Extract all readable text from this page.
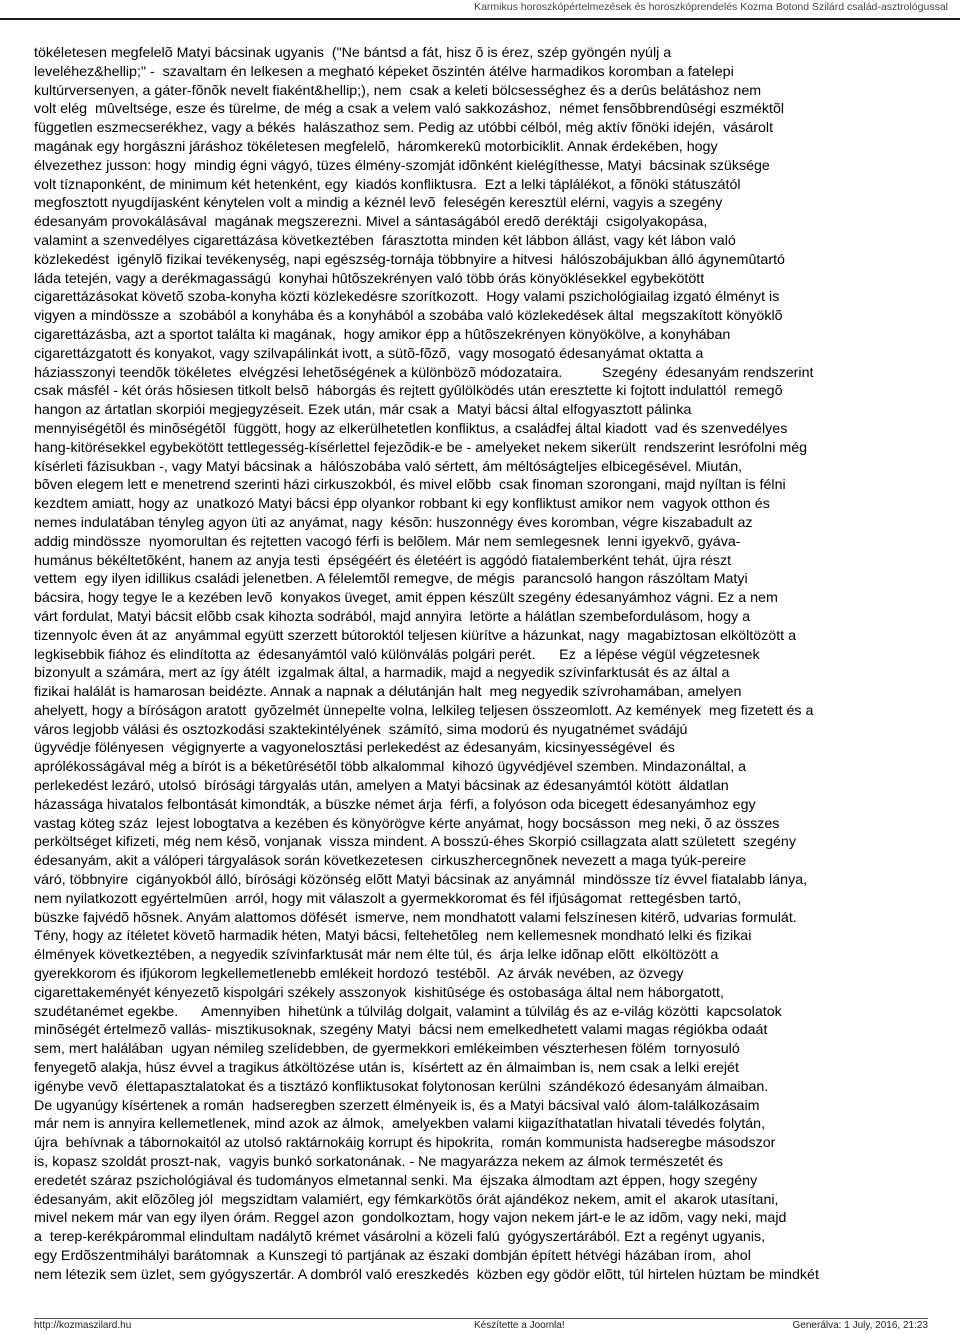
Karmikus horoszkópértelmezések és horoszkóprendelés Kozma Botond Szilárd család-asztrológussal

tökéletesen megfelelõ Matyi bácsinak ugyanis  ("Ne bántsd a fát, hisz õ is érez, szép gyöngén nyúlj a
leveléhez&hellip;" -  szavaltam én lelkesen a megható képeket õszintén átélve harmadikos koromban a fatelepi
kultúrversenyen, a gáter-fõnõk nevelt fiaként&hellip;), nem  csak a keleti bölcsességhez és a derûs belátáshoz nem
volt elég  mûveltsége, esze és türelme, de még a csak a velem való sakkozáshoz,  német fensõbbrendûségi eszméktõl
független eszmecserékhez, vagy a békés  halászathoz sem. Pedig az utóbbi célból, még aktív fõnöki idején,  vásárolt
magának egy horgászni járáshoz tökéletesen megfelelõ,  háromkerekû motorbiciklit. Annak érdekében, hogy
élvezethez jusson: hogy  mindig égni vágyó, tüzes élmény-szomját idõnként kielégíthesse, Matyi  bácsinak szüksége
volt tíznaponként, de minimum két hetenként, egy  kiadós konfliktusra.  Ezt a lelki táplálékot, a fõnöki státuszától
megfosztott nyugdíjasként kénytelen volt a mindig a kéznél levõ  feleségén keresztül elérni, vagyis a szegény
édesanyám provokálásával  magának megszerezni. Mivel a sántaságából eredõ deréktáji  csigolyakopása,
valamint a szenvedélyes cigarettázása következtében  fárasztotta minden két lábbon állást, vagy két lábon való
közlekedést  igénylõ fizikai tevékenység, napi egészség-tornája többnyire a hitvesi  hálószobájukban álló ágynemûtartó
láda tetején, vagy a derékmagasságú  konyhai hûtõszekrényen való több órás könyöklésekkel egybekötött
cigarettázásokat követõ szoba-konyha közti közlekedésre szorítkozott.  Hogy valami pszichológiailag izgató élményt is
vigyen a mindössze a  szobából a konyhába és a konyhából a szobába való közlekedések által  megszakított könyöklõ
cigarettázásba, azt a sportot találta ki magának,  hogy amikor épp a hûtõszekrényen könyökölve, a konyhában
cigarettázgatott és konyakot, vagy szilvapálinkát ivott, a sütõ-fõzõ,  vagy mosogató édesanyámat oktatta a
háziasszonyi teendõk tökéletes  elvégzési lehetõségének a különbözõ módozataira.          Szegény  édesanyám rendszerint
csak másfél - két órás hõsiesen titkolt belsõ  háborgás és rejtett gyûlölködés után eresztette ki fojtott indulattól  remegõ
hangon az ártatlan skorpiói megjegyzéseit. Ezek után, már csak a  Matyi bácsi által elfogyasztott pálinka
mennyiségétõl és minõségétõl  függött, hogy az elkerülhetetlen konfliktus, a családfej által kiadott  vad és szenvedélyes
hang-kitörésekkel egybekötött tettlegesség-kísérlettel fejezõdik-e be - amelyeket nekem sikerült  rendszerint lesrófolni még
kísérleti fázisukban -, vagy Matyi bácsinak a  hálószobába való sértett, ám méltóságteljes elbicegésével. Miután,
bõven elegem lett e menetrend szerinti házi cirkuszokból, és mivel elõbb  csak finoman szorongani, majd nyíltan is félni
kezdtem amiatt, hogy az  unatkozó Matyi bácsi épp olyankor robbant ki egy konfliktust amikor nem  vagyok otthon és
nemes indulatában tényleg agyon üti az anyámat, nagy  késõn: huszonnégy éves koromban, végre kiszabadult az
addig mindössze  nyomorultan és rejtetten vacogó férfi is belõlem. Már nem semlegesnek  lenni igyekvõ, gyáva-
humánus békéltetõként, hanem az anyja testi  épségéért és életéért is aggódó fiatalemberként tehát, újra részt
vettem  egy ilyen idillikus családi jelenetben. A félelemtõl remegve, de mégis  parancsoló hangon rászóltam Matyi
bácsira, hogy tegye le a kezében levõ  konyakos üveget, amit éppen készült szegény édesanyámhoz vágni. Ez a nem
várt fordulat, Matyi bácsit elõbb csak kihozta sodrából, majd annyira  letörte a hálátlan szembefordulásom, hogy a
tizennyolc éven át az  anyámmal együtt szerzett bútoroktól teljesen kiürítve a házunkat, nagy  magabiztosan elköltözött a
legkisebbik fiához és elindította az  édesanyámtól való különválás polgári perét.      Ez  a lépése végül végzetesnek
bizonyult a számára, mert az így átélt  izgalmak által, a harmadik, majd a negyedik szívinfarktusát és az által a
fizikai halálát is hamarosan beidézte. Annak a napnak a délutánján halt  meg negyedik szívrohamában, amelyen
ahelyett, hogy a bíróságon aratott  gyõzelmét ünnepelte volna, lelkileg teljesen összeomlott. Az kemények  meg fizetett és a
város legjobb válási és osztozkodási szaktekintélyének  számító, sima modorú és nyugatnémet svádájú
ügyvédje fölényesen  végignyerte a vagyonelosztási perlekedést az édesanyám, kicsinyességével  és
aprólékosságával még a bírót is a béketûrésétõl több alkalommal  kihozó ügyvédjével szemben. Mindazonáltal, a
perlekedést lezáró, utolsó  bírósági tárgyalás után, amelyen a Matyi bácsinak az édesanyámtól kötött  áldatlan
házassága hivatalos felbontását kimondták, a büszke német árja  férfi, a folyóson oda bicegett édesanyámhoz egy
vastag köteg száz  lejest lobogtatva a kezében és könyörögve kérte anyámat, hogy bocsásson  meg neki, õ az összes
perköltséget kifizeti, még nem késõ, vonjanak  vissza mindent. A bosszú-éhes Skorpió csillagzata alatt született  szegény
édesanyám, akit a válóperi tárgyalások során következetesen  cirkuszhercegnõnek nevezett a maga tyúk-pereire
váró, többnyire  cigányokból álló, bírósági közönség elõtt Matyi bácsinak az anyámnál  mindössze tíz évvel fiatalabb lánya,
nem nyilatkozott egyértelmûen  arról, hogy mit válaszolt a gyermekkoromat és fél ifjúságomat  rettegésben tartó,
büszke fajvédõ hõsnek. Anyám alattomos döfését  ismerve, nem mondhatott valami felszínesen kitérõ, udvarias formulát.
Tény, hogy az ítéletet követõ harmadik héten, Matyi bácsi, feltehetõleg  nem kellemesnek mondható lelki és fizikai
élmények következtében, a negyedik szívinfarktusát már nem élte túl, és  árja lelke idõnap elõtt  elköltözött a
gyerekkorom és ifjúkorom legkellemetlenebb emlékeit hordozó  testébõl.  Az árvák nevében, az özvegy
cigarettakeményét kényezetõ kispolgári székely asszonyok  kishitûsége és ostobasága által nem háborgatott,
szudétanémet egekbe.      Amennyiben  hihetünk a túlvilág dolgait, valamint a túlvilág és az e-világ közötti  kapcsolatok
minõségét értelmezõ vallás- misztikusoknak, szegény Matyi  bácsi nem emelkedhetett valami magas régiókba odaát
sem, mert halálában  ugyan némileg szelídebben, de gyermekkori emlékeimben vészterhesen fölém  tornyosuló
fenyegetõ alakja, húsz évvel a tragikus átköltözése után is,  kísértett az én álmaimban is, nem csak a lelki erejét
igénybe vevõ  élettapasztalatokat és a tisztázó konfliktusokat folytonosan kerülni  szándékozó édesanyám álmaiban.
De ugyanúgy kísértenek a román  hadseregben szerzett élményeik is, és a Matyi bácsival való  álom-találkozásaim
már nem is annyira kellemetlenek, mind azok az álmok,  amelyekben valami kiigazíthatatlan hivatali tévedés folytán,
újra  behívnak a tábornokaitól az utolsó raktárnokáig korrupt és hipokrita,  román kommunista hadseregbe másodszor
is, kopasz szoldát proszt-nak,  vagyis bunkó sorkatonának. - Ne magyarázza nekem az álmok természetét és
eredetét száraz pszichológiával és tudományos elmetannal senki. Ma  éjszaka álmodtam azt éppen, hogy szegény
édesanyám, akit elõzõleg jól  megszidtam valamiért, egy fémkarkötõs órát ajándékoz nekem, amit el  akarok utasítani,
mivel nekem már van egy ilyen órám. Reggel azon  gondolkoztam, hogy vajon nekem járt-e le az idõm, vagy neki, majd
a  terep-kerékpárommal elindultam nadálytõ krémet vásárolni a közeli falú  gyógyszertárából. Ezt a regényt ugyanis,
egy Erdõszentmihályi barátomnak  a Kunszegi tó partjának az északi dombján épített hétvégi házában írom,  ahol
nem létezik sem üzlet, sem gyógyszertár. A dombról való ereszkedés  közben egy gödör elõtt, túl hirtelen húztam be mindkét

http://kozmaszilard.hu	Készítette a Joomla!	Generálva: 1 July, 2016, 21:23
